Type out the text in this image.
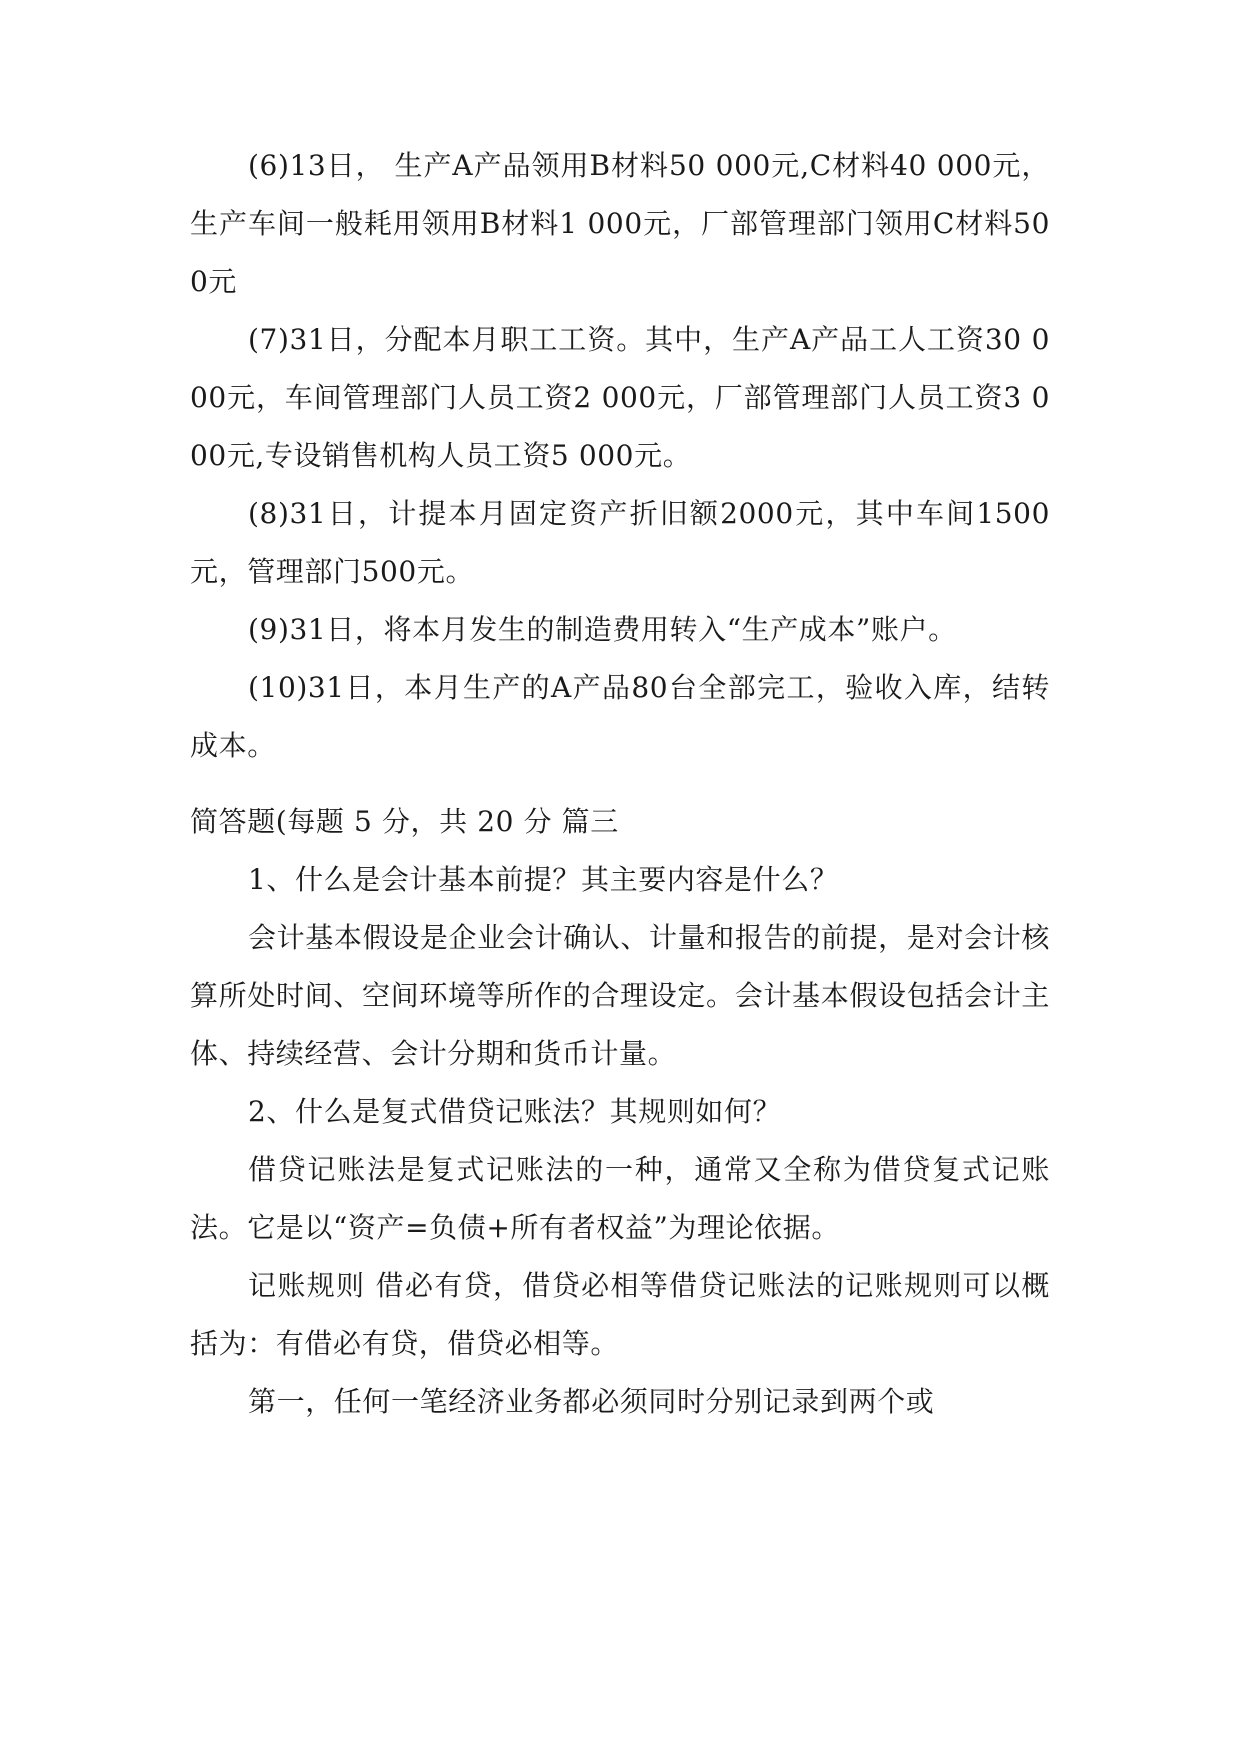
(6)13日， 生产A产品领用B材料50 000元,C材料40 000元，生产车间一般耗用领用B材料1 000元，厂部管理部门领用C材料500元

(7)31日，分配本月职工工资。其中，生产A产品工人工资30 000元，车间管理部门人员工资2 000元，厂部管理部门人员工资3 000元,专设销售机构人员工资5 000元。

(8)31日，计提本月固定资产折旧额2000元，其中车间1500元，管理部门500元。

(9)31日，将本月发生的制造费用转入“生产成本”账户。

(10)31日，本月生产的A产品80台全部完工，验收入库，结转成本。

简答题(每题 5 分，共 20 分 篇三

1、什么是会计基本前提？其主要内容是什么？

会计基本假设是企业会计确认、计量和报告的前提，是对会计核算所处时间、空间环境等所作的合理设定。会计基本假设包括会计主体、持续经营、会计分期和货币计量。

2、什么是复式借贷记账法？其规则如何？

借贷记账法是复式记账法的一种，通常又全称为借贷复式记账法。它是以“资产=负债+所有者权益”为理论依据。

记账规则 借必有贷，借贷必相等借贷记账法的记账规则可以概括为：有借必有贷，借贷必相等。

第一，任何一笔经济业务都必须同时分别记录到两个或
